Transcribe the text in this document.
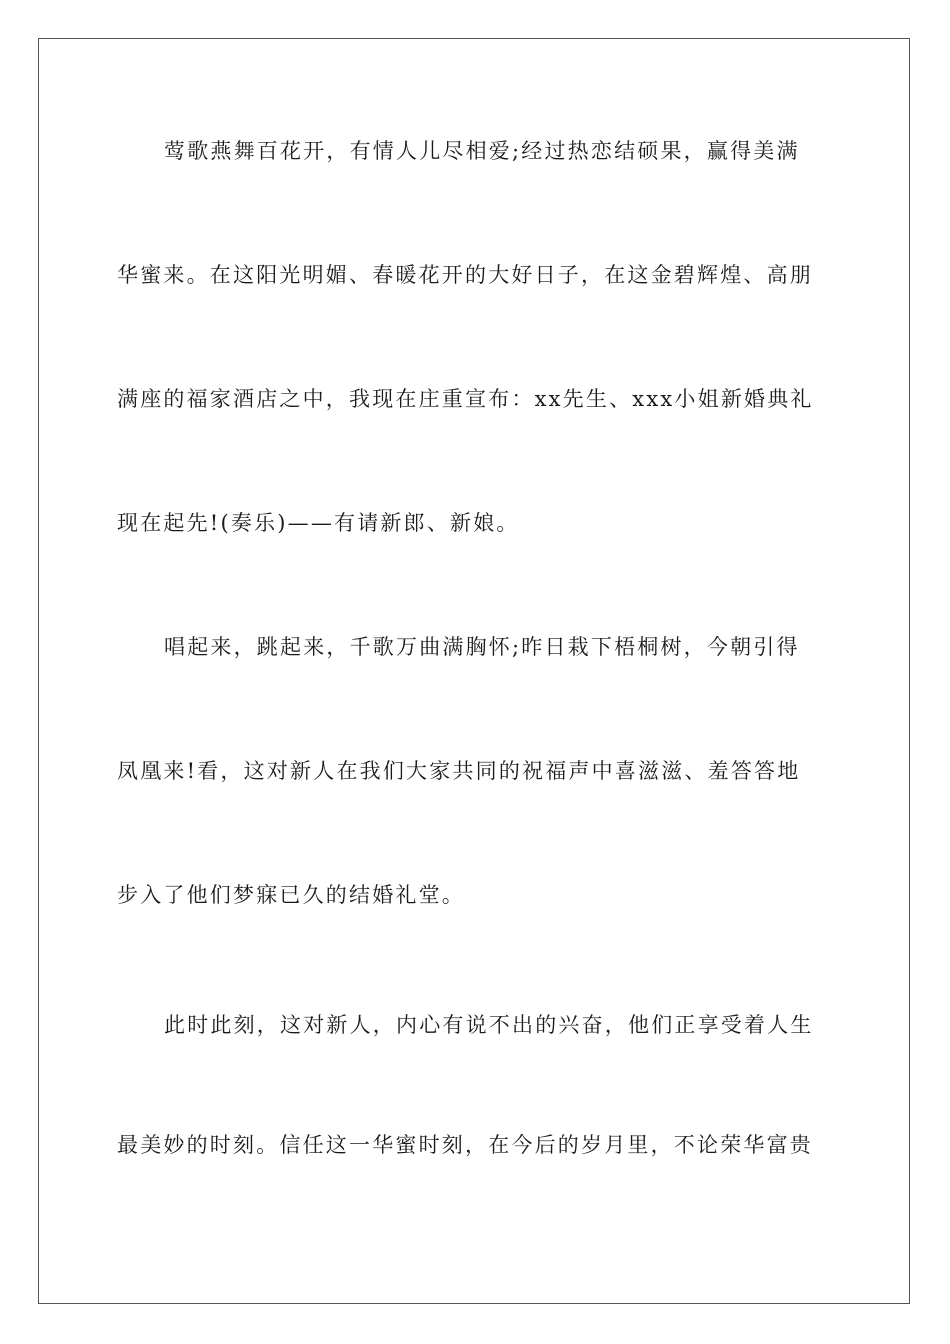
莺歌燕舞百花开，有情人儿尽相爱;经过热恋结硕果，赢得美满
华蜜来。在这阳光明媚、春暖花开的大好日子，在这金碧辉煌、高朋
满座的福家酒店之中，我现在庄重宣布：xx先生、xxx小姐新婚典礼
现在起先!(奏乐)——有请新郎、新娘。
唱起来，跳起来，千歌万曲满胸怀;昨日栽下梧桐树，今朝引得
凤凰来!看，这对新人在我们大家共同的祝福声中喜滋滋、羞答答地
步入了他们梦寐已久的结婚礼堂。
此时此刻，这对新人，内心有说不出的兴奋，他们正享受着人生
最美妙的时刻。信任这一华蜜时刻，在今后的岁月里，不论荣华富贵
